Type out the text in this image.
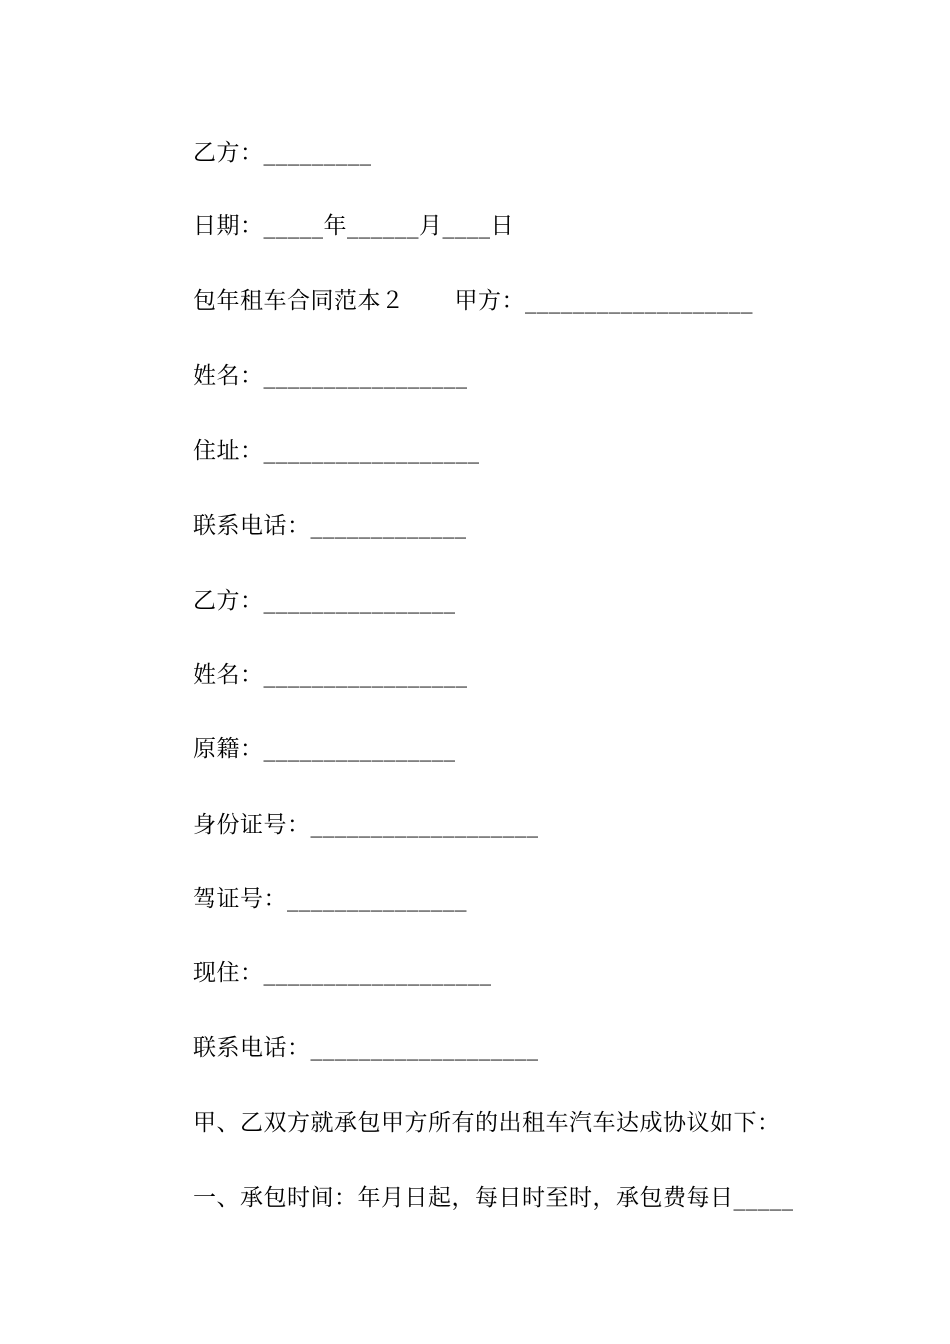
乙方：_________
日期：_____年______月____日
包年租车合同范本２ 甲方：___________________
姓名：_________________
住址：__________________
联系电话：_____________
乙方：________________
姓名：_________________
原籍：________________
身份证号：___________________
驾证号：_______________
现住：___________________
联系电话：___________________
甲、乙双方就承包甲方所有的出租车汽车达成协议如下：
一、承包时间：年月日起，每日时至时，承包费每日_____
